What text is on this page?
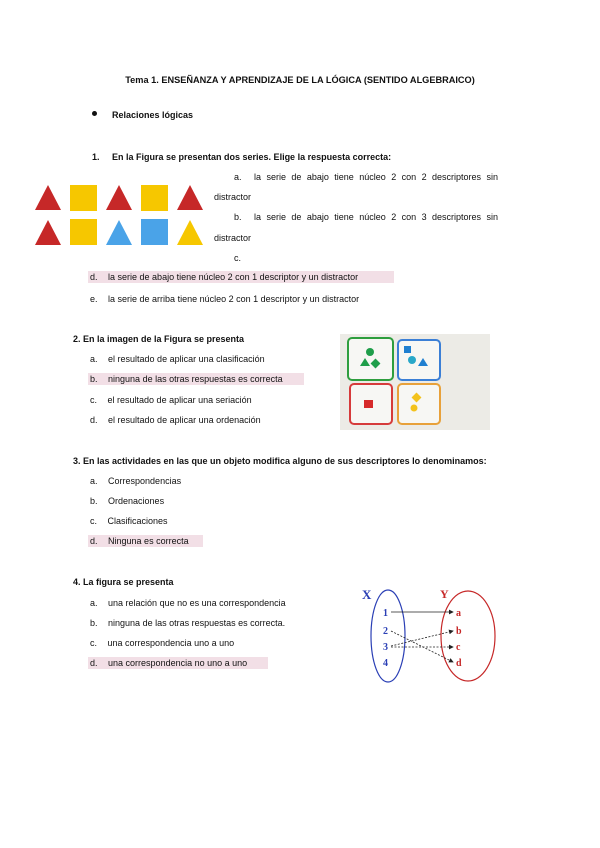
Tema 1. ENSEÑANZA Y APRENDIZAJE DE LA LÓGICA (SENTIDO ALGEBRAICO)
Relaciones lógicas
1. En la Figura se presentan dos series. Elige la respuesta correcta:
a. la serie de abajo tiene núcleo 2 con 2 descriptores sin
distractor
b. la serie de abajo tiene núcleo 2 con 3 descriptores sin
distractor
c.
d. la serie de abajo tiene núcleo 2 con 1 descriptor y un distractor
e. la serie de arriba tiene núcleo 2 con 1 descriptor y un distractor
2. En la imagen de la Figura se presenta
a. el resultado de aplicar una clasificación
b. ninguna de las otras respuestas es correcta
c. el resultado de aplicar una seriación
d. el resultado de aplicar una ordenación
3. En las actividades en las que un objeto modifica alguno de sus descriptores lo denominamos:
a. Correspondencias
b. Ordenaciones
c. Clasificaciones
d. Ninguna es correcta
4. La figura se presenta
a. una relación que no es una correspondencia
b. ninguna de las otras respuestas es correcta.
c. una correspondencia uno a uno
d. una correspondencia no uno a uno
X	Y
1
2
3
4
a
b
c
d
